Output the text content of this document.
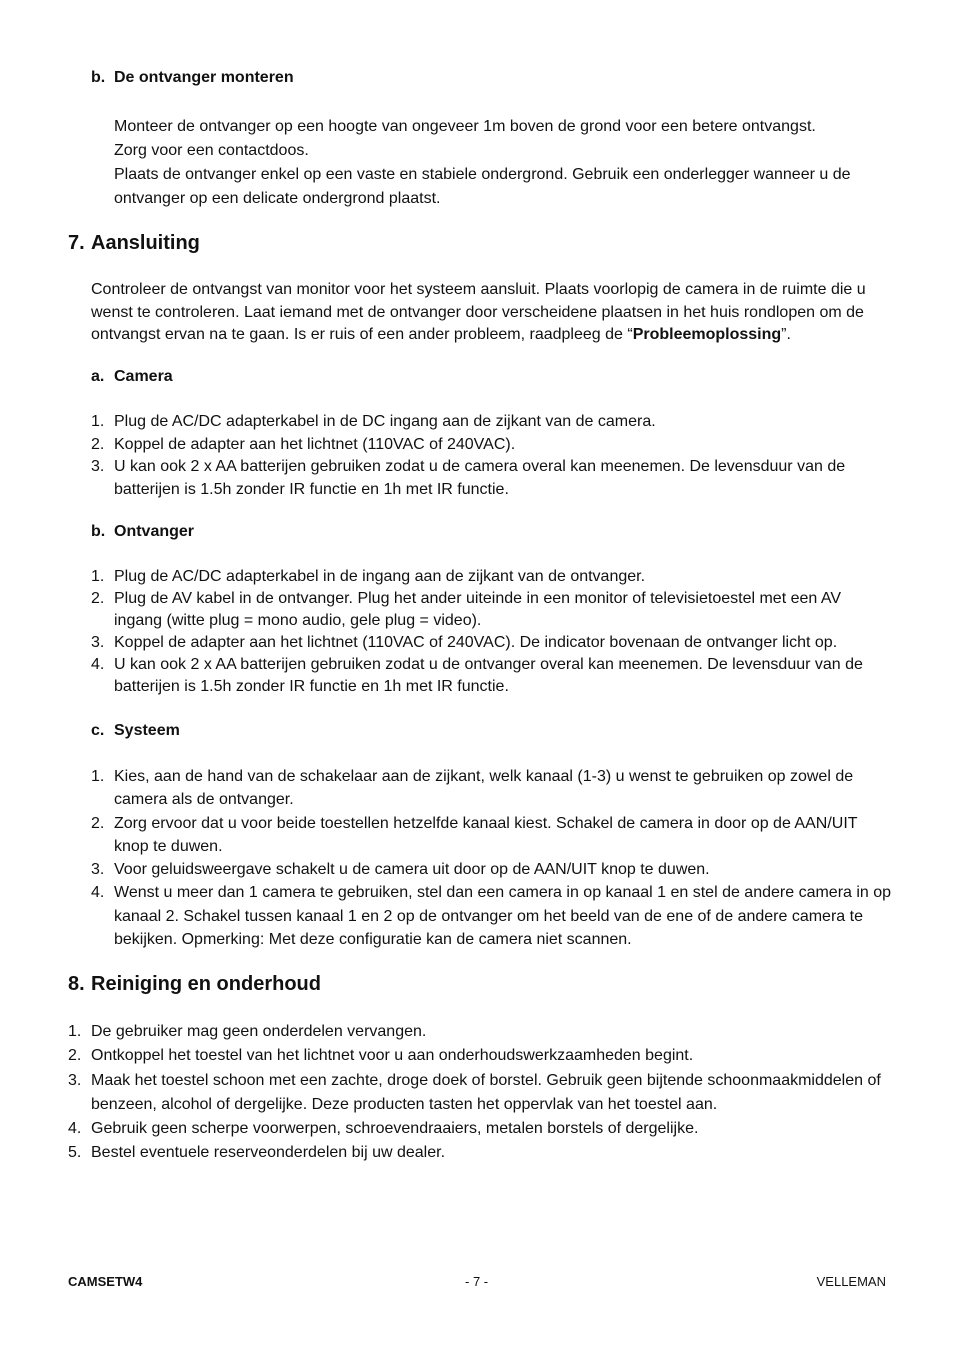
b. De ontvanger monteren
Monteer de ontvanger op een hoogte van ongeveer 1m boven de grond voor een betere ontvangst.
Zorg voor een contactdoos.
Plaats de ontvanger enkel op een vaste en stabiele ondergrond. Gebruik een onderlegger wanneer u de
ontvanger op een delicate ondergrond plaatst.
7. Aansluiting
Controleer de ontvangst van monitor voor het systeem aansluit. Plaats voorlopig de camera in de ruimte die u
wenst te controleren. Laat iemand met de ontvanger door verscheidene plaatsen in het huis rondlopen om de
ontvangst ervan na te gaan. Is er ruis of een ander probleem, raadpleeg de “Probleemoplossing”.
a. Camera
1. Plug de AC/DC adapterkabel in de DC ingang aan de zijkant van de camera.
2. Koppel de adapter aan het lichtnet (110VAC of 240VAC).
3. U kan ook 2 x AA batterijen gebruiken zodat u de camera overal kan meenemen. De levensduur van de
batterijen is 1.5h zonder IR functie en 1h met IR functie.
b. Ontvanger
1. Plug de AC/DC adapterkabel in de ingang aan de zijkant van de ontvanger.
2. Plug de AV kabel in de ontvanger. Plug het ander uiteinde in een monitor of televisietoestel met een AV
ingang (witte plug = mono audio, gele plug = video).
3. Koppel de adapter aan het lichtnet (110VAC of 240VAC). De indicator bovenaan de ontvanger licht op.
4. U kan ook 2 x AA batterijen gebruiken zodat u de ontvanger overal kan meenemen. De levensduur van de
batterijen is 1.5h zonder IR functie en 1h met IR functie.
c. Systeem
1. Kies, aan de hand van de schakelaar aan de zijkant, welk kanaal (1-3) u wenst te gebruiken op zowel de
camera als de ontvanger.
2. Zorg ervoor dat u voor beide toestellen hetzelfde kanaal kiest. Schakel de camera in door op de AAN/UIT
knop te duwen.
3. Voor geluidsweergave schakelt u de camera uit door op de AAN/UIT knop te duwen.
4. Wenst u meer dan 1 camera te gebruiken, stel dan een camera in op kanaal 1 en stel de andere camera in op
kanaal 2. Schakel tussen kanaal 1 en 2 op de ontvanger om het beeld van de ene of de andere camera te
bekijken. Opmerking: Met deze configuratie kan de camera niet scannen.
8. Reiniging en onderhoud
1. De gebruiker mag geen onderdelen vervangen.
2. Ontkoppel het toestel van het lichtnet voor u aan onderhoudswerkzaamheden begint.
3. Maak het toestel schoon met een zachte, droge doek of borstel. Gebruik geen bijtende schoonmaakmiddelen of
benzeen, alcohol of dergelijke. Deze producten tasten het oppervlak van het toestel aan.
4. Gebruik geen scherpe voorwerpen, schroevendraaiers, metalen borstels of dergelijke.
5. Bestel eventuele reserveonderdelen bij uw dealer.
CAMSETW4	- 7 -	VELLEMAN
